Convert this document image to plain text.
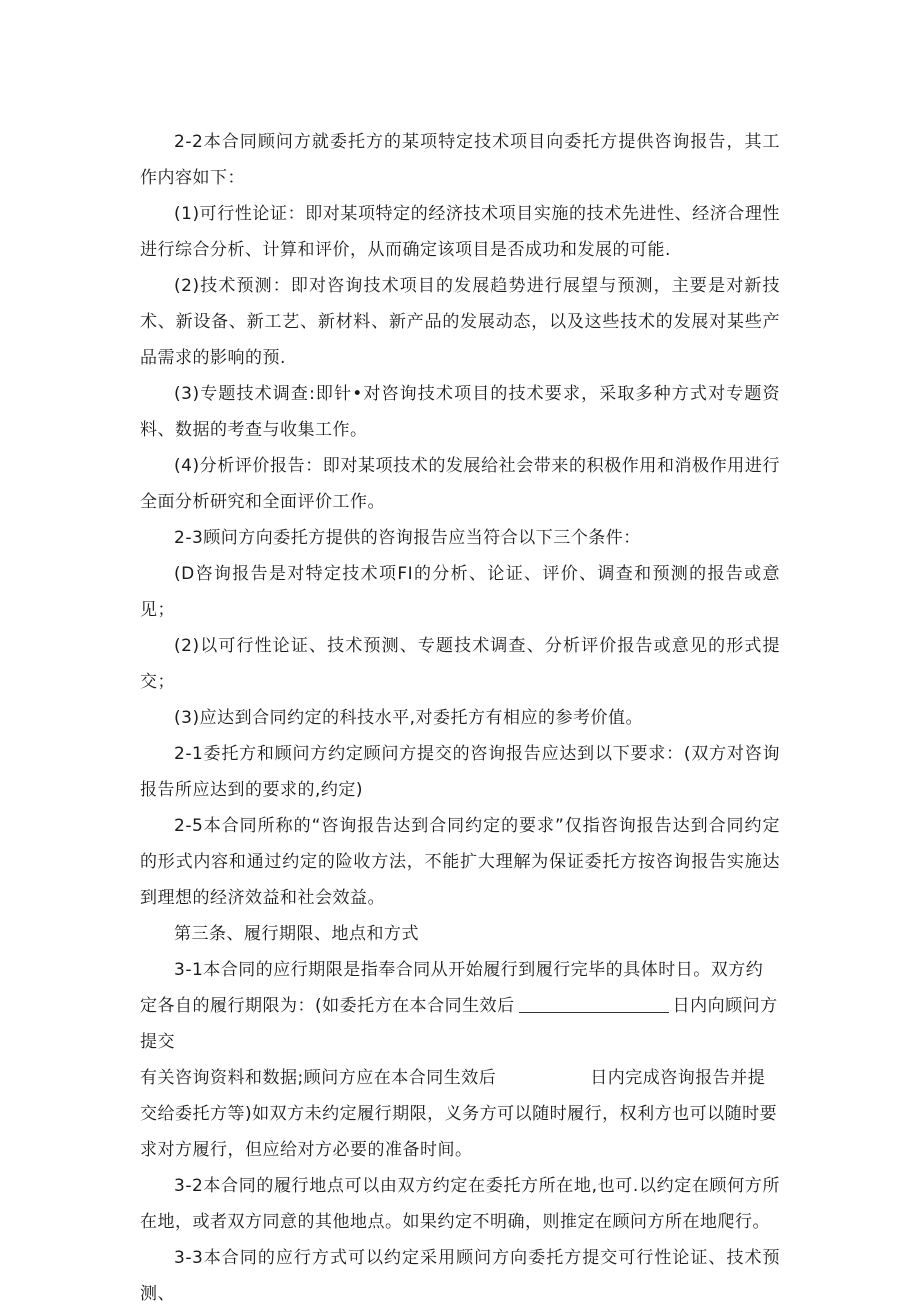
2-2本合同顾问方就委托方的某项特定技术项目向委托方提供咨询报告，其工作内容如下：

(1)可行性论证：即对某项特定的经济技术项目实施的技术先进性、经济合理性进行综合分析、计算和评价，从而确定该项目是否成功和发展的可能.

(2)技术预测：即对咨询技术项目的发展趋势进行展望与预测，主要是对新技术、新设备、新工艺、新材料、新产品的发展动态，以及这些技术的发展对某些产品需求的影响的预.

(3)专题技术调查:即针•对咨询技术项目的技术要求，采取多种方式对专题资料、数据的考查与收集工作。

(4)分析评价报告：即对某项技术的发展给社会带来的积极作用和消极作用进行全面分析研究和全面评价工作。

2-3顾问方向委托方提供的咨询报告应当符合以下三个条件：

(D咨询报告是对特定技术项FI的分析、论证、评价、调查和预测的报告或意见；

(2)以可行性论证、技术预测、专题技术调查、分析评价报告或意见的形式提交；

(3)应达到合同约定的科技水平,对委托方有相应的参考价值。

2-1委托方和顾问方约定顾问方提交的咨询报告应达到以下要求：(双方对咨询报告所应达到的要求的,约定)

2-5本合同所称的“咨询报告达到合同约定的要求”仅指咨询报告达到合同约定的形式内容和通过约定的险收方法，不能扩大理解为保证委托方按咨询报告实施达到理想的经济效益和社会效益。

第三条、履行期限、地点和方式

3-1本合同的应行期限是指奉合同从开始履行到履行完毕的具体时日。双方约定各自的履行期限为：(如委托方在本合同生效后	日内向顾问方提交
有关咨询资料和数据;顾问方应在本合同生效后	日内完成咨询报告并提
交给委托方等)如双方未约定履行期限，义务方可以随时履行，权利方也可以随时要求对方履行，但应给对方必要的准备时间。

3-2本合同的履行地点可以由双方约定在委托方所在地,也可.以约定在顾何方所在地，或者双方同意的其他地点。如果约定不明确，则推定在顾问方所在地爬行。

3-3本合同的应行方式可以约定采用顾问方向委托方提交可行性论证、技术预测、
